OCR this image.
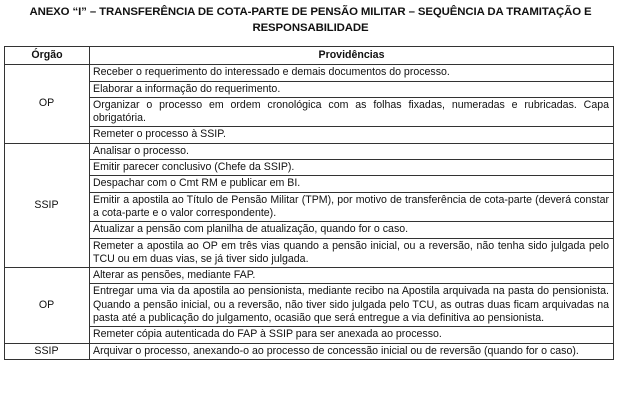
ANEXO “I” – TRANSFERÊNCIA DE COTA-PARTE DE PENSÃO MILITAR – SEQUÊNCIA DA TRAMITAÇÃO E
RESPONSABILIDADE
Órgão	Providências
OP	Receber o requerimento do interessado e demais documentos do processo.
	Elaborar a informação do requerimento.
	Organizar o processo em ordem cronológica com as folhas fixadas, numeradas e rubricadas. Capa obrigatória.
	Remeter o processo à SSIP.
SSIP	Analisar o processo.
	Emitir parecer conclusivo (Chefe da SSIP).
	Despachar com o Cmt RM e publicar em BI.
	Emitir a apostila ao Título de Pensão Militar (TPM), por motivo de transferência de cota-parte (deverá constar a cota-parte e o valor correspondente).
	Atualizar a pensão com planilha de atualização, quando for o caso.
	Remeter a apostila ao OP em três vias quando a pensão inicial, ou a reversão, não tenha sido julgada pelo TCU ou em duas vias, se já tiver sido julgada.
OP	Alterar as pensões, mediante FAP.
	Entregar uma via da apostila ao pensionista, mediante recibo na Apostila arquivada na pasta do pensionista. Quando a pensão inicial, ou a reversão, não tiver sido julgada pelo TCU, as outras duas ficam arquivadas na pasta até a publicação do julgamento, ocasião que será entregue a via definitiva ao pensionista.
	Remeter cópia autenticada do FAP à SSIP para ser anexada ao processo.
SSIP	Arquivar o processo, anexando-o ao processo de concessão inicial ou de reversão (quando for o caso).
